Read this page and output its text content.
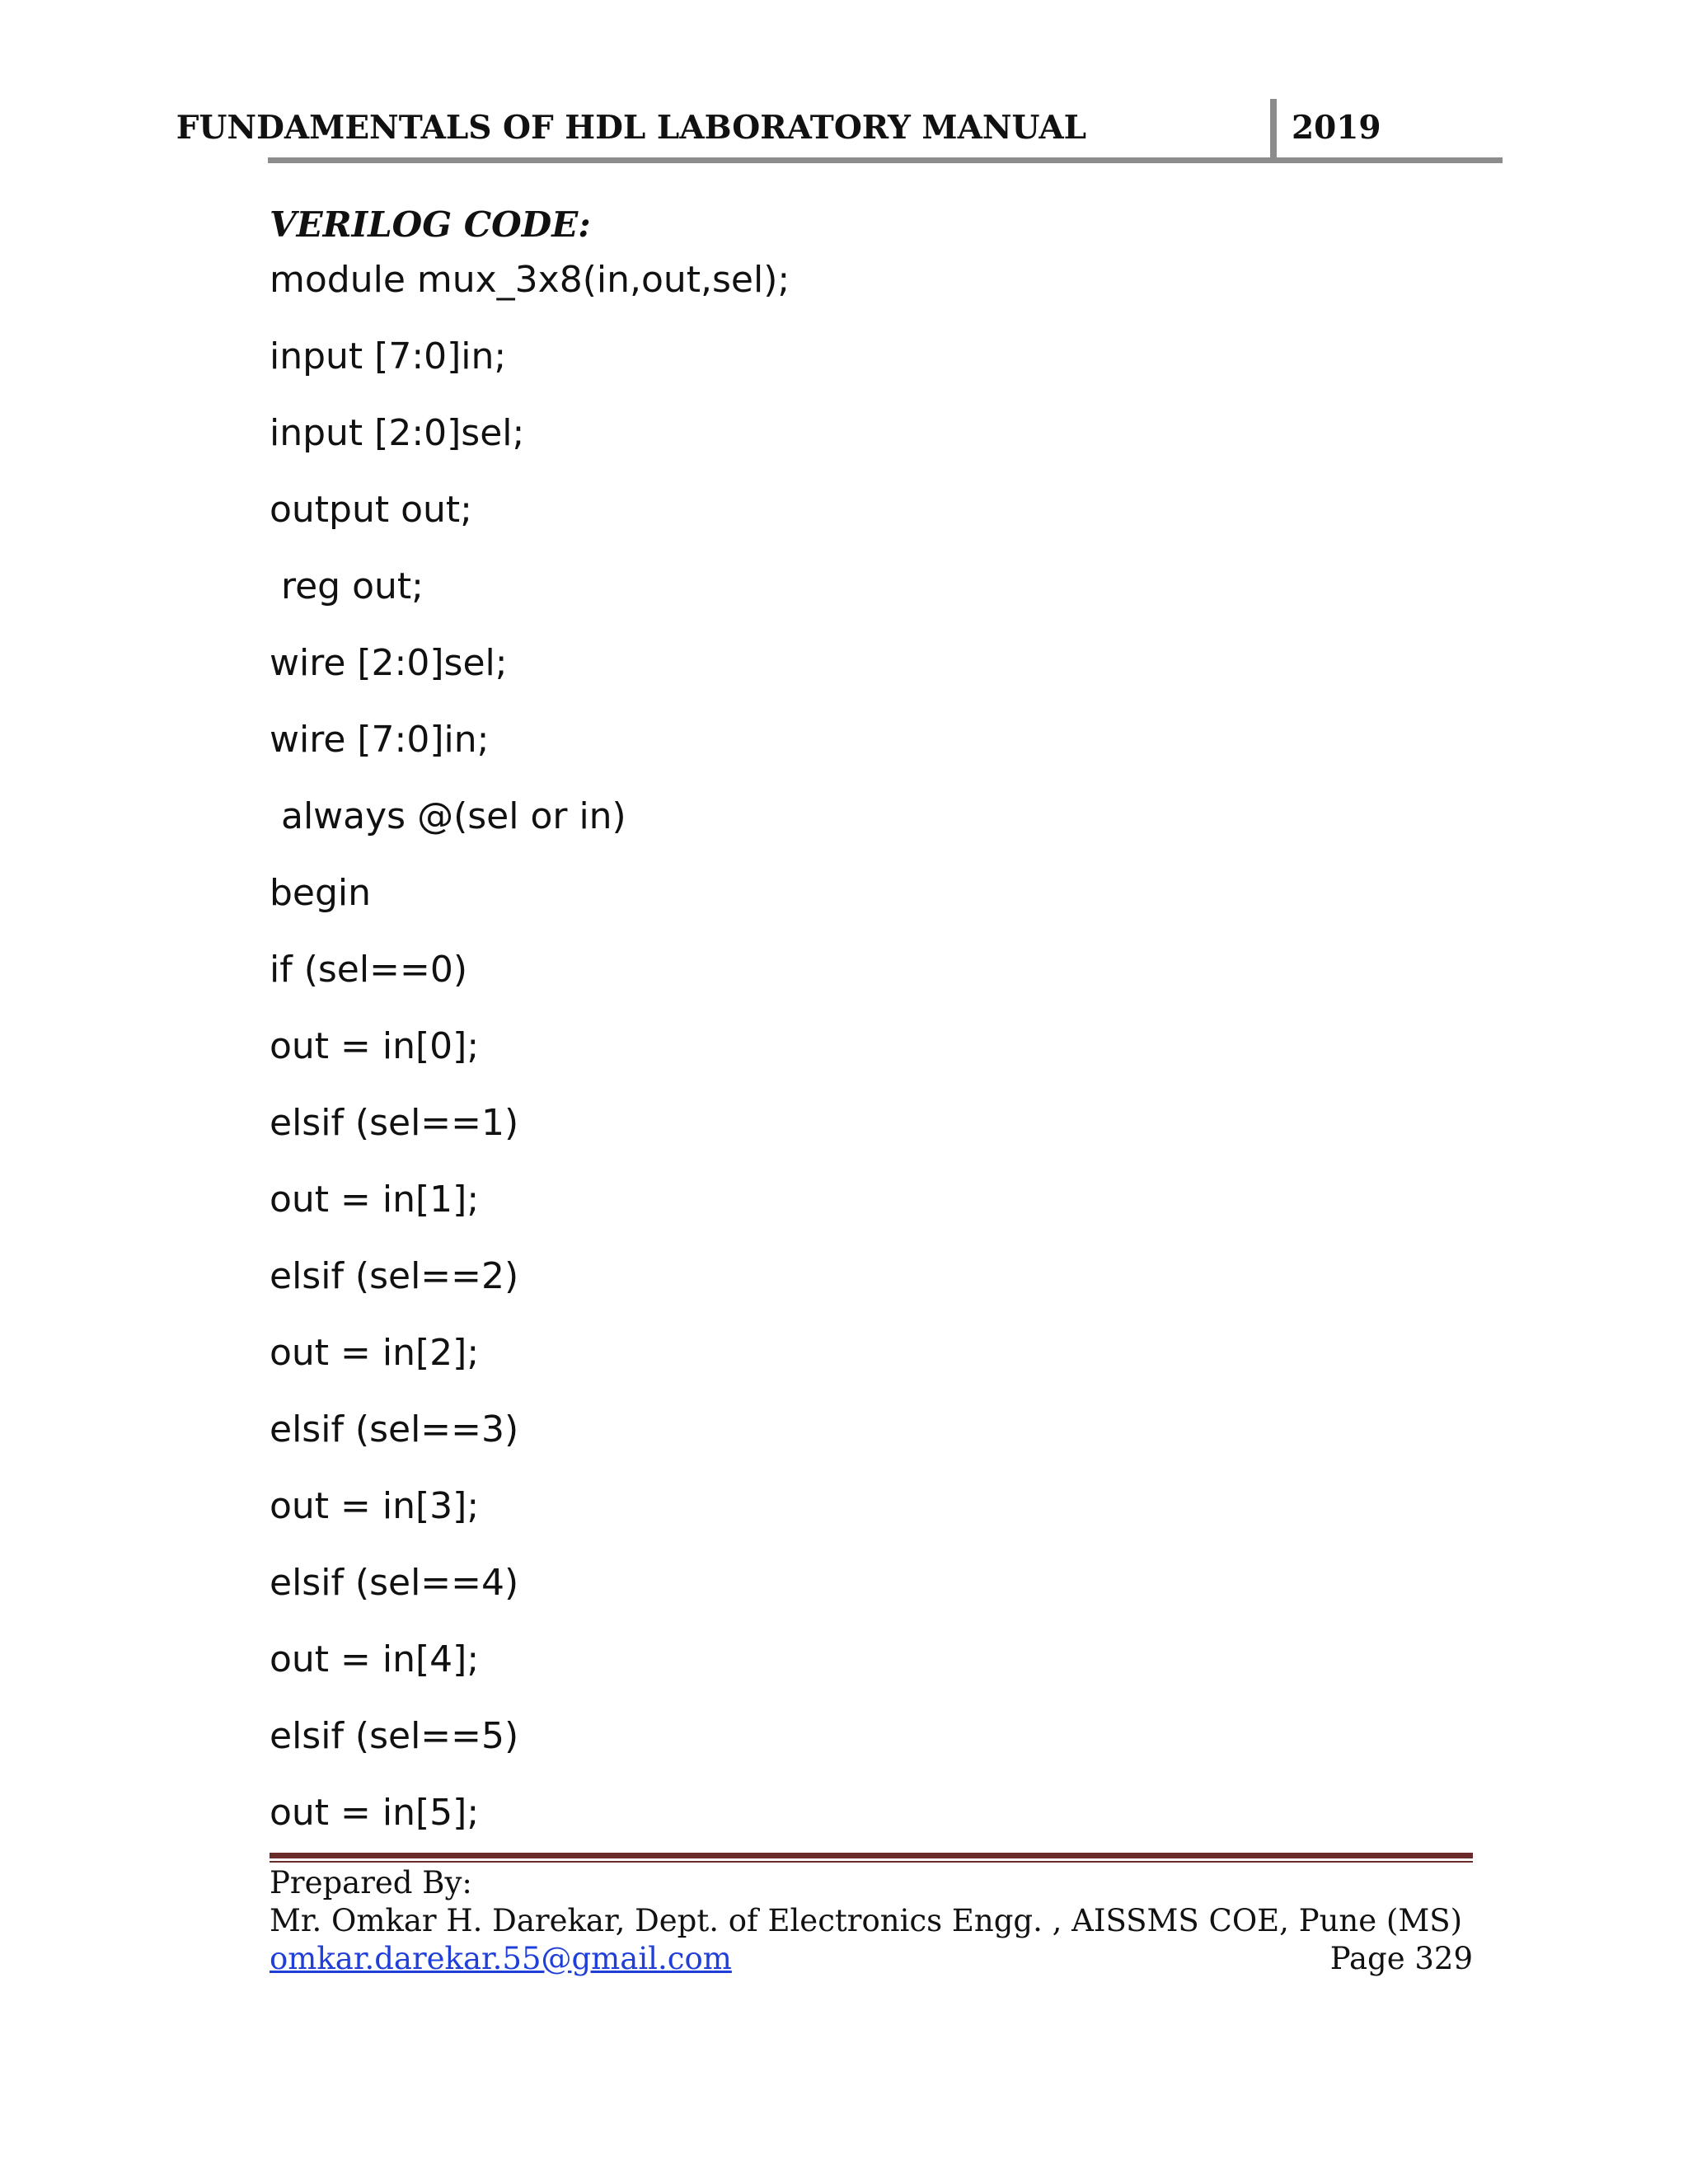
FUNDAMENTALS OF HDL LABORATORY MANUAL	2019
VERILOG CODE:
module mux_3x8(in,out,sel);
input [7:0]in;
input [2:0]sel;
output out;
reg out;
wire [2:0]sel;
wire [7:0]in;
always @(sel or in)
begin
if (sel==0)
out = in[0];
elsif (sel==1)
out = in[1];
elsif (sel==2)
out = in[2];
elsif (sel==3)
out = in[3];
elsif (sel==4)
out = in[4];
elsif (sel==5)
out = in[5];
Prepared By:
Mr. Omkar H. Darekar, Dept. of Electronics Engg. , AISSMS COE, Pune (MS)
omkar.darekar.55@gmail.com	Page 329
